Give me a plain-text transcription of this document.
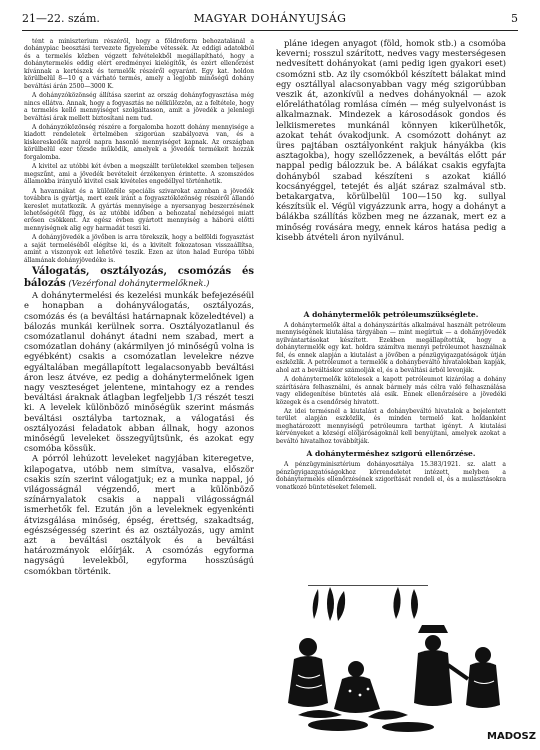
21—22. szám.	MAGYAR DOHÁNYUJSÁG	5

tént a miniszterium részéről, hogy a földreform behozatalánál a dohánypiac beosztási tervezete figyelembe vétessék. Az eddigi adatokból és a termelés közben végzett felvételekből megállapítható, hogy a dohánytermelés eddig elért eredményei kielégítők, és ezért ellenőrzést kívánnak a kertészek és termelők részéről egyaránt. Egy kat. holdon körülbelül 8—10 q a várható termés, amely a legjobb minőségű dohány beváltási árán 2500—3000 K.

A dohányzóközönség állítása szerint az ország dohányfogyasztása még nincs ellátva. Annak, hogy a fogyasztás ne nélkülözzön, az a feltétele, hogy a termelés kellő mennyiséget szolgáltasson, amit a jövedék a jelenlegi beváltási árak mellett biztosítani nem tud.

A dohányzóközönség részére a forgalomba hozott dohány mennyisége a kiadott rendeletek értelmében szigorúan szabályozva van, és a kiskereskedők napról napra hasonló mennyiséget kapnak. Az országban körülbelül ezer tőzsde működik, amelyek a jövedék termékeit hozzák forgalomba.

A kivitel az utóbbi két évben a megszállt területekkel szemben teljesen megszűnt, ami a jövedék bevételeit érzékenyen érintette. A szomszédos államokba irányuló kivitel csak kivételes engedéllyel történhetik.

A havannákat és a különféle speciális szivarokat azonban a jövedék továbbra is gyártja, mert ezek iránt a fogyasztóközönség részéről állandó kereslet mutatkozik. A gyártás mennyisége a nyersanyag beszerzésének lehetőségétől függ, és az utóbbi időben a behozatal nehézségei miatt erősen csökkent. Az egész évben gyártott mennyiség a háború előtti mennyiségnek alig egy harmadát teszi ki.

A dohányjövedék a jövőben is arra törekszik, hogy a belföldi fogyasztást a saját termeléséből elégítse ki, és a kivitelt fokozatosan visszaállítsa, amint a viszonyok ezt lehetővé teszik. Ezen az úton halad Európa többi államának dohányjövedéke is.

Válogatás, osztályozás, csomózás és bálozás (Vezérfonal dohánytermelőknek.)

A dohánytermelési és kezelési munkák befejezéséül e honapban a dohányválogatás, osztályozás, csomózás és (a beváltási határnapnak közeledtével) a bálozás munkái kerülnek sorra. Osztályozatlanul és csomózatlanul dohányt átadni nem szabad, mert a csomózatlan dohány (akármilyen jó minőségű volna is egyébként) csakis a csomózatlan levelekre nézve egyáltalában megállapított legalacsonyabb beváltási áron lesz átvéve, ez pedig a dohánytermelőnek igen nagy veszteséget jelentene, mintahogy ez a rendes beváltási áraknak átlagban legfeljebb 1/3 részét teszi ki. A levelek különböző minőségük szerint másmás beváltási osztályba tartoznak, a válogatási és osztályozási feladatok abban állnak, hogy azonos minőségű leveleket összegyűjtsünk, és azokat egy csomóba kössük.

A pórról lehúzott leveleket nagyjában kiteregetve, kilapogatva, utóbb nem simítva, vasalva, először csakis szín szerint válogatjuk; ez a munka nappal, jó világosságnál végzendő, mert a különböző színárnyalatok csakis a nappali világosságnál ismerhetők fel. Ezután jön a leveleknek egyenkénti átvizsgálása minőség, épség, érettség, szakadtság, egészségesség szerint és az osztályozás, ugy amint azt a beváltási osztályok és a beváltási határozmányok előírják. A csomózás egyforma nagyságú levelekből, egyforma hosszúságú csomókban történik.

pláne idegen anyagot (föld, homok stb.) a csomóba keverni; rosszul szárított, nedves vagy mesterségesen nedvesített dohányokat (ami pedig igen gyakori eset) csomózni stb. Az ily csomókból készített bálakat mind egy osztállyal alacsonyabban vagy még szigorúbban veszik át, azonkívül a nedves dohányoknál — azok előreláthatólag romlása címén — még sulyelvonást is alkalmaznak. Mindezek a károsodások gondos és lelkiismeretes munkánál könnyen kikerülhetők, azokat tehát óvakodjunk. A csomózott dohányt az üres pajtában osztályonként rakjuk hányákba (kis asztagokba), hogy szellőzzenek, a beváltás előtt pár nappal pedig bálozzuk be. A bálákat csakis egyfajta dohányból szabad készíteni s azokat kiálló kocsányéggel, tetejét és alját száraz szalmával stb. betakargatva, körülbelül 100—150 kg. sullyal készítsük el. Végül vigyázzunk arra, hogy a dohányt a bálákba szállítás közben meg ne ázzanak, mert ez a minőség rovására megy, ennek káros hatása pedig a kisebb átvételi áron nyilvánul.

A dohánytermelők petróleumszükséglete.

A dohánytermelők által a dohányszárítás alkalmával használt petróleum mennyiségének kiutalása tárgyában — mint megírtuk — a dohányjövedék nyilvántartásokat készített. Ezekben megállapították, hogy a dohánytermelők egy kat. holdra számítva mennyi petróleumot használnak fel, és ennek alapján a kiutalást a jövőben a pénzügyigazgatóságok útján eszközlik. A petróleumot a termelők a dohánybeváltó hivatalokban kapják, ahol azt a beváltáskor számolják el, és a beváltási árból levonják.

A dohánytermelők kötelesek a kapott petróleumot kizárólag a dohány szárítására felhasználni, és annak bármely más célra való felhasználása vagy elidegenítése büntetés alá esik. Ennek ellenőrzésére a jövedéki közegek és a csendőrség hivatott.

Az idei termésnél a kiutalást a dohánybeváltó hivatalok a bejelentett terület alapján eszközlik, és minden termelő kat. holdanként meghatározott mennyiségű petróleumra tarthat igényt. A kiutalási kérvényeket a községi elöljáróságoknál kell benyújtani, amelyek azokat a beváltó hivatalhoz továbbítják.

A dohányterméshez szigorú ellenőrzése.

A pénzügyminisztérium dohányosztálya 15.383/1921. sz. alatt a pénzügyigazgatóságokhoz körrendeletet intézett, melyben a dohánytermelés ellenőrzésének szigorítását rendeli el, és a mulasztásokra vonatkozó büntetéseket felemeli.

MADOSZ
